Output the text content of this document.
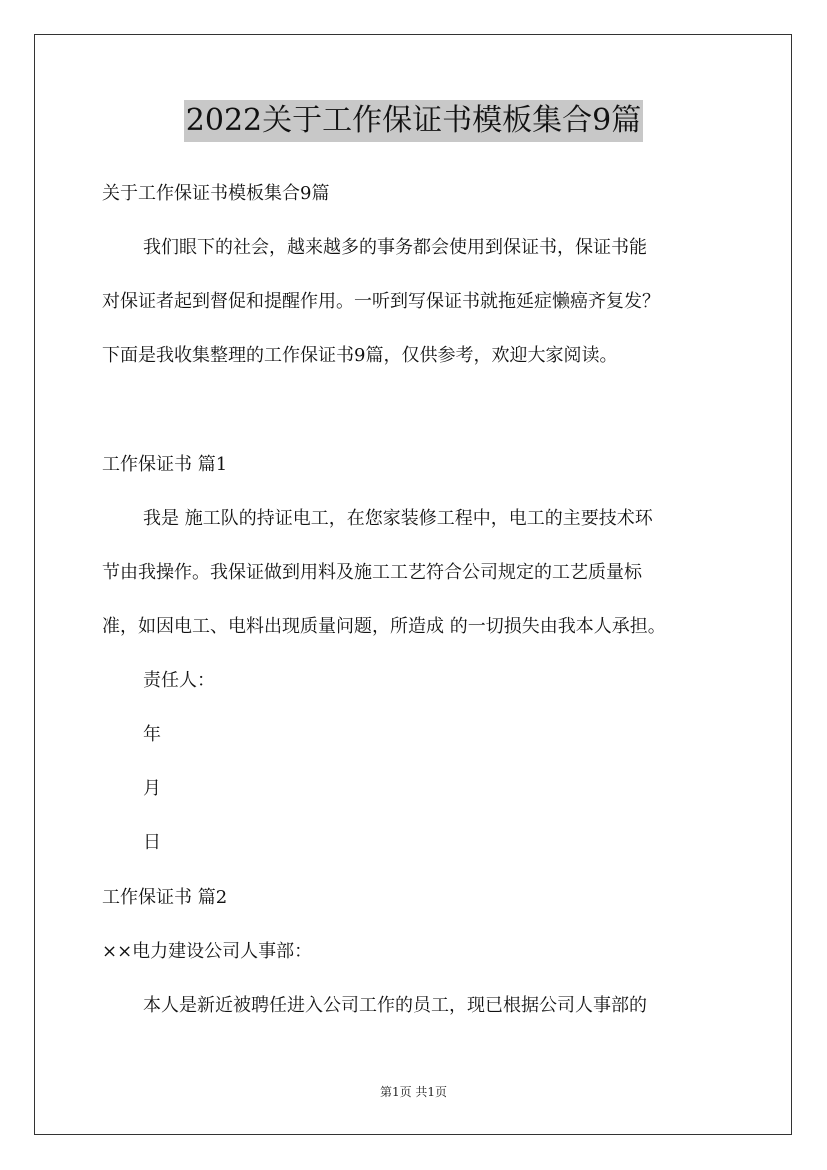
2022关于工作保证书模板集合9篇
关于工作保证书模板集合9篇
我们眼下的社会，越来越多的事务都会使用到保证书，保证书能
对保证者起到督促和提醒作用。一听到写保证书就拖延症懒癌齐复发？
下面是我收集整理的工作保证书9篇，仅供参考，欢迎大家阅读。
工作保证书 篇1
我是 施工队的持证电工，在您家装修工程中，电工的主要技术环
节由我操作。我保证做到用料及施工工艺符合公司规定的工艺质量标
准，如因电工、电料出现质量问题，所造成 的一切损失由我本人承担。
责任人：
年
月
日
工作保证书 篇2
××电力建设公司人事部：
本人是新近被聘任进入公司工作的员工，现已根据公司人事部的
第1页 共1页
